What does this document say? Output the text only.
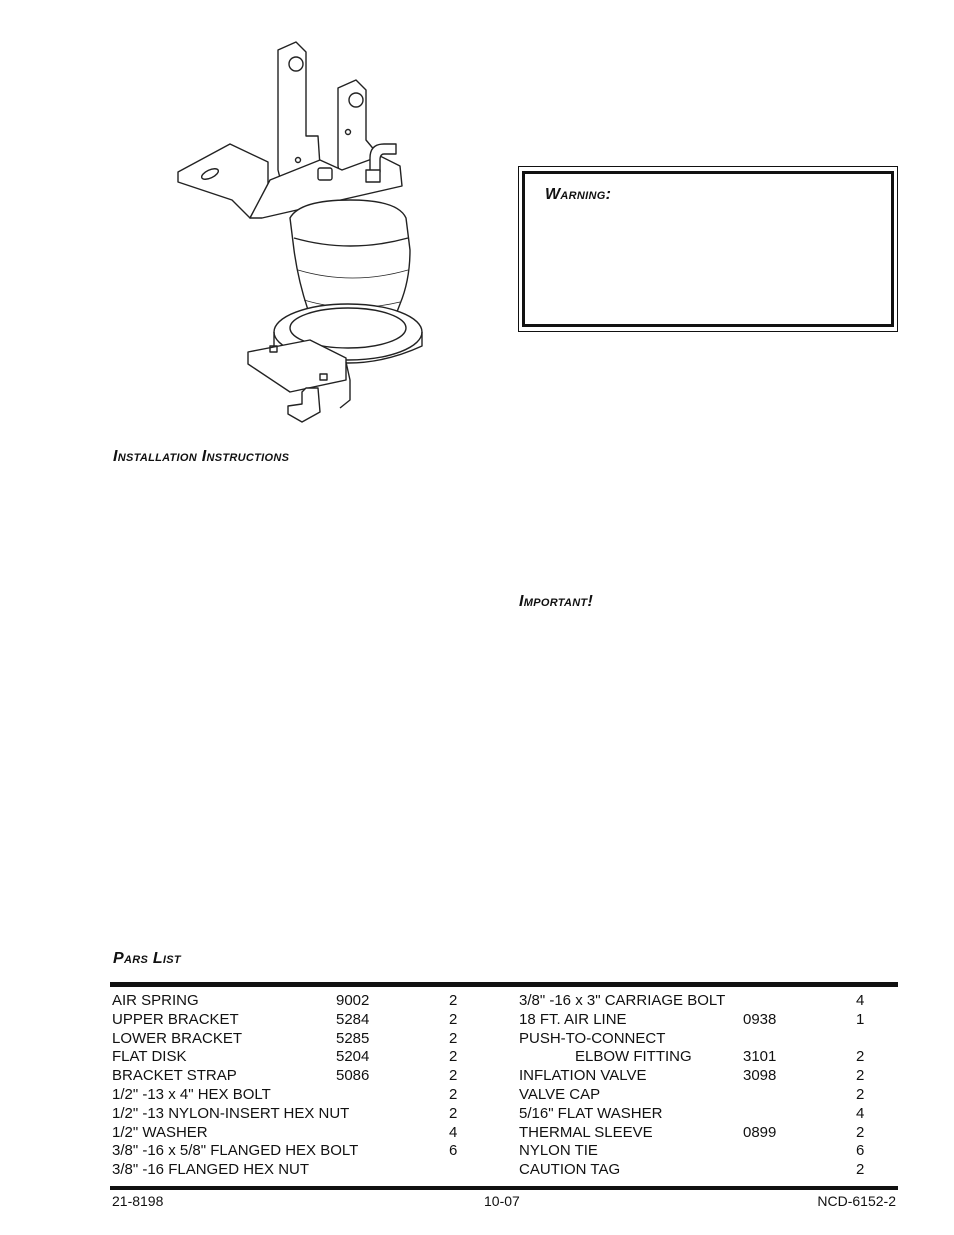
Warning:
Installation Instructions
Important!
Pars List
AIR SPRING	9002	2
UPPER BRACKET	5284	2
LOWER BRACKET	5285	2
FLAT DISK	5204	2
BRACKET STRAP	5086	2
1/2" -13 x 4" HEX BOLT	2
1/2" -13 NYLON-INSERT HEX NUT	2
1/2" WASHER	4
3/8" -16 x 5/8" FLANGED HEX BOLT	6
3/8" -16 FLANGED HEX NUT
3/8" -16 x 3" CARRIAGE BOLT	4
18 FT. AIR LINE	0938	1
PUSH-TO-CONNECT
ELBOW FITTING	3101	2
INFLATION VALVE	3098	2
VALVE CAP	2
5/16" FLAT WASHER	4
THERMAL SLEEVE	0899	2
NYLON TIE	6
CAUTION TAG	2
21-8198	10-07	NCD-6152-2
